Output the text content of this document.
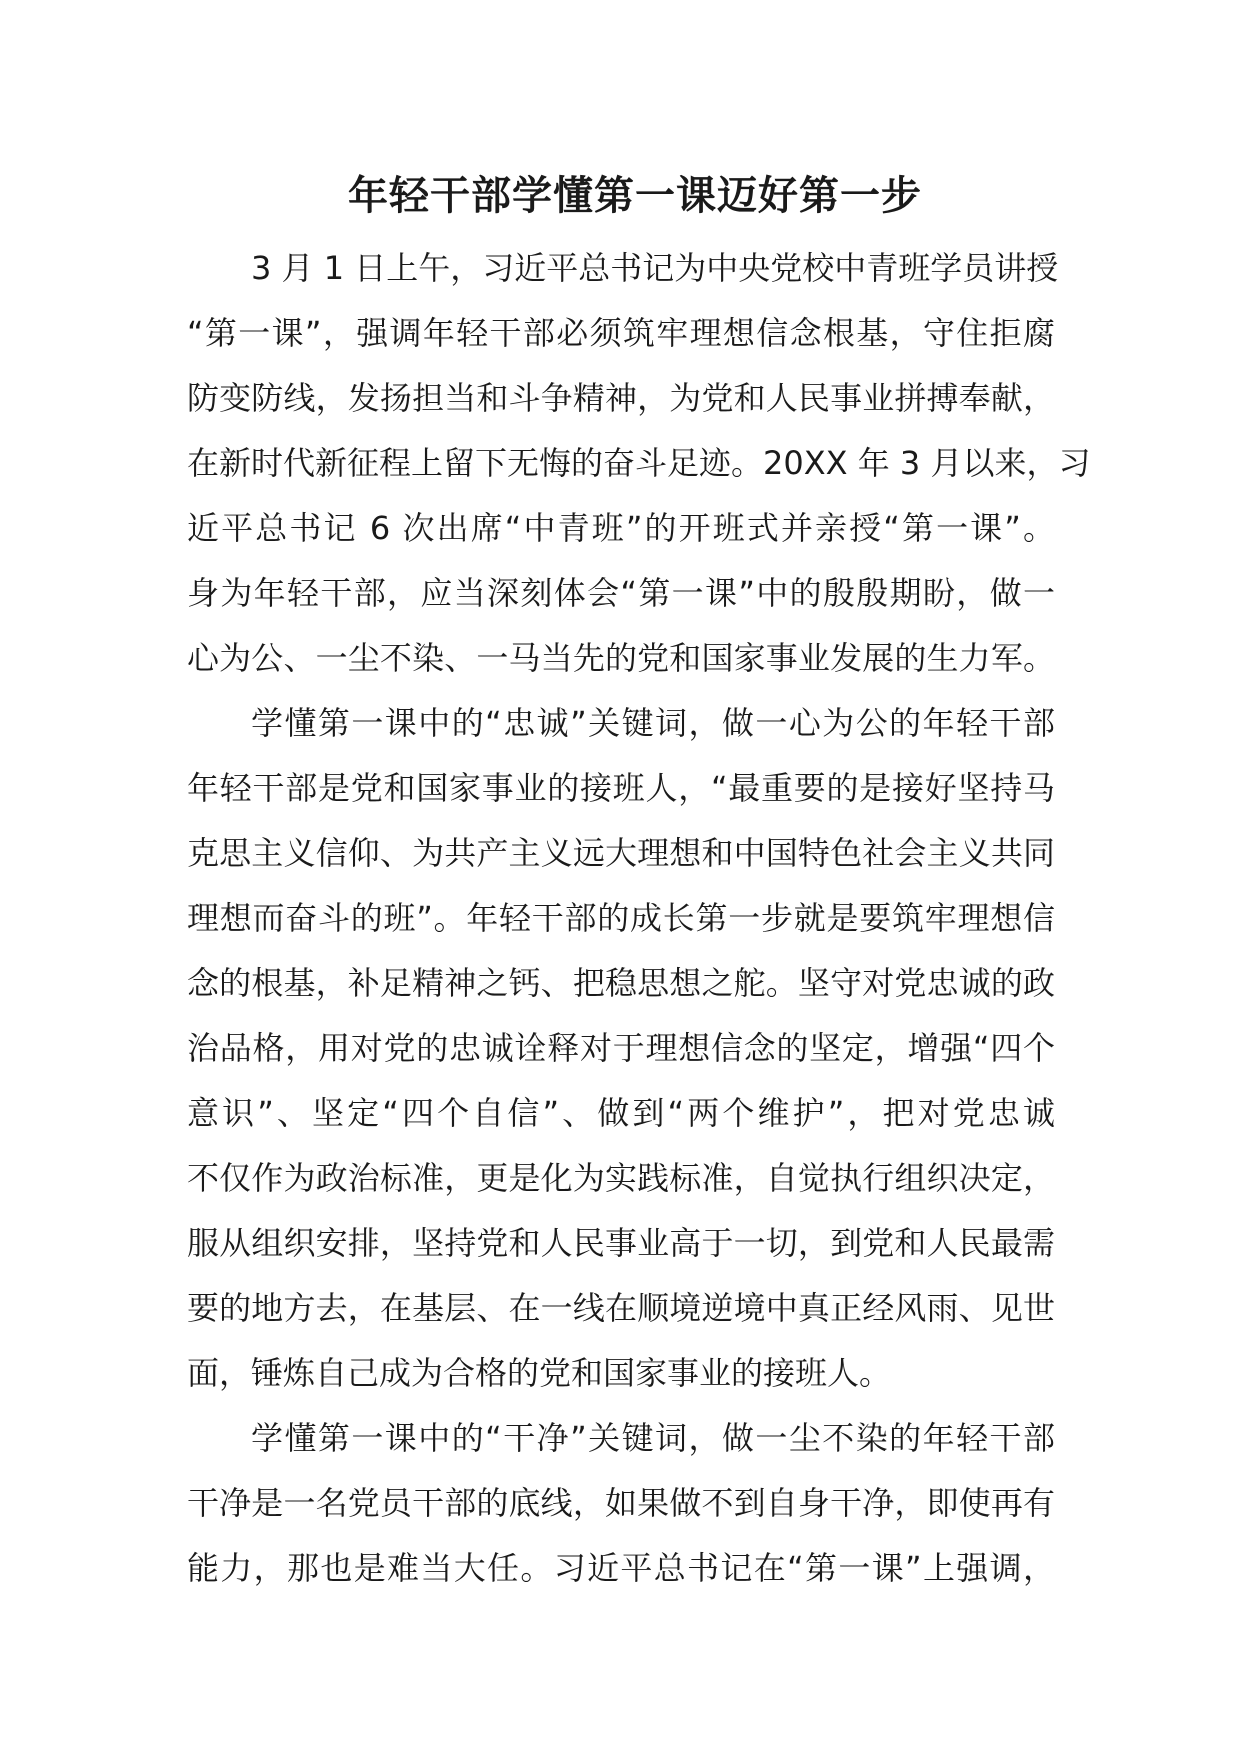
年轻干部学懂第一课迈好第一步
3 月 1 日上午，习近平总书记为中央党校中青班学员讲授
“第一课”，强调年轻干部必须筑牢理想信念根基，守住拒腐
防变防线，发扬担当和斗争精神，为党和人民事业拼搏奉献，
在新时代新征程上留下无悔的奋斗足迹。20XX 年 3 月以来，习
近平总书记 6 次出席“中青班”的开班式并亲授“第一课”。
身为年轻干部，应当深刻体会“第一课”中的殷殷期盼，做一
心为公、一尘不染、一马当先的党和国家事业发展的生力军。
学懂第一课中的“忠诚”关键词，做一心为公的年轻干部
年轻干部是党和国家事业的接班人，“最重要的是接好坚持马
克思主义信仰、为共产主义远大理想和中国特色社会主义共同
理想而奋斗的班”。年轻干部的成长第一步就是要筑牢理想信
念的根基，补足精神之钙、把稳思想之舵。坚守对党忠诚的政
治品格，用对党的忠诚诠释对于理想信念的坚定，增强“四个
意识”、坚定“四个自信”、做到“两个维护”，把对党忠诚
不仅作为政治标准，更是化为实践标准，自觉执行组织决定，
服从组织安排，坚持党和人民事业高于一切，到党和人民最需
要的地方去，在基层、在一线在顺境逆境中真正经风雨、见世
面，锤炼自己成为合格的党和国家事业的接班人。
学懂第一课中的“干净”关键词，做一尘不染的年轻干部
干净是一名党员干部的底线，如果做不到自身干净，即使再有
能力，那也是难当大任。习近平总书记在“第一课”上强调，
